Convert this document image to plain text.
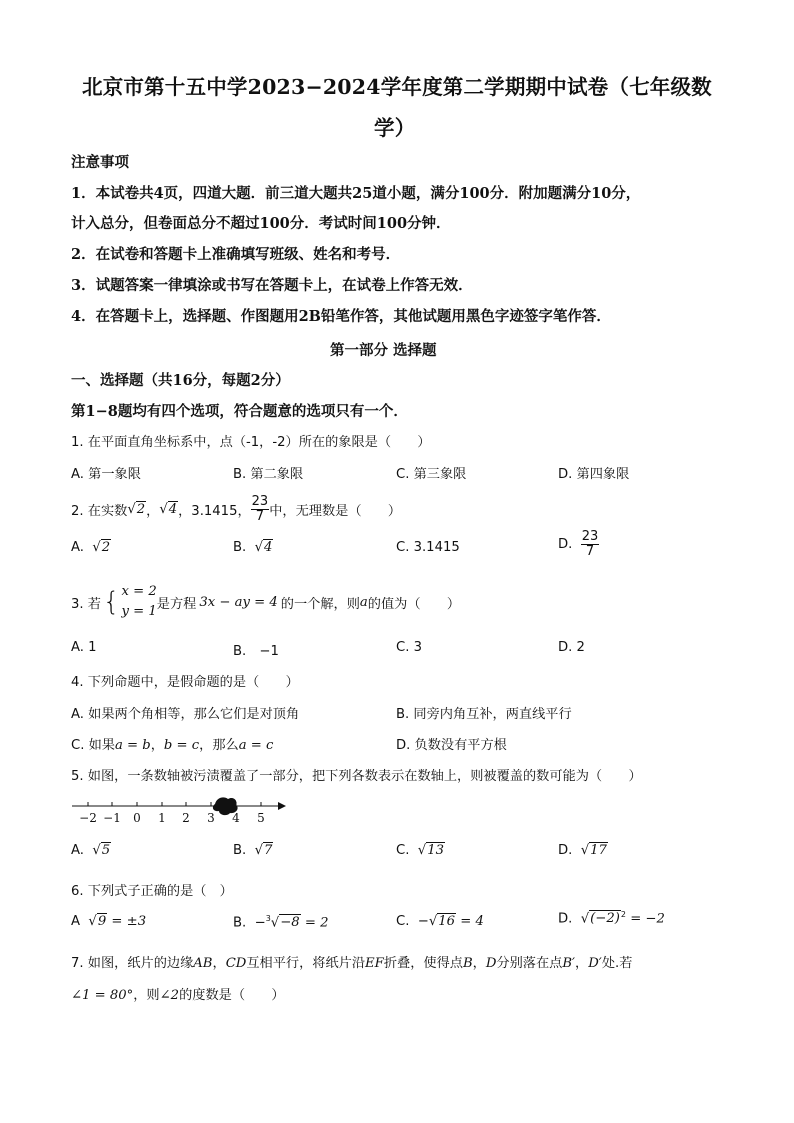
北京市第十五中学2023−2024学年度第二学期期中试卷（七年级数
学）
注意事项
1．本试卷共4页，四道大题．前三道大题共25道小题，满分100分．附加题满分10分，
计入总分，但卷面总分不超过100分．考试时间100分钟．
2．在试卷和答题卡上准确填写班级、姓名和考号．
3．试题答案一律填涂或书写在答题卡上，在试卷上作答无效．
4．在答题卡上，选择题、作图题用2B铅笔作答，其他试题用黑色字迹签字笔作答．
第一部分 选择题
一、选择题（共16分，每题2分）
第1−8题均有四个选项，符合题意的选项只有一个．
1. 在平面直角坐标系中，点（-1，-2）所在的象限是（　　）
A. 第一象限	B. 第二象限	C. 第三象限	D. 第四象限
2. 在实数 √2 ， √4 ，3.1415， $\frac{23}{7}$ 中，无理数是（　　）
A.  √2	B.  √4	C. 3.1415	D.
$\frac{23}{7}$
3. 若 { x = 2
y = 1 是方程 3x − ay = 4 的一个解，则 a 的值为（　　）
A. 1	B.　−1	C. 3	D. 2
4. 下列命题中，是假命题的是（　　）
A. 如果两个角相等，那么它们是对顶角	B. 同旁内角互补，两直线平行
C. 如果a = b，b = c，那么a = c	D. 负数没有平方根
5. 如图，一条数轴被污渍覆盖了一部分，把下列各数表示在数轴上，则被覆盖的数可能为（　　）
−2 −1 0 1 2 3 4 5
A.  √5	B.  √7	C.  √13	D.  √17
6. 下列式子正确的是（　）
A  √9 = ±3	B. −$^3$√−8 = 2	C. −√16 = 4	D.  $√(-2)^2 = -2$
7. 如图，纸片的边缘AB，CD互相平行，将纸片沿EF折叠，使得点B，D分别落在点B′，D′处.若
∠1 = 80°，则∠2的度数是（　　）
